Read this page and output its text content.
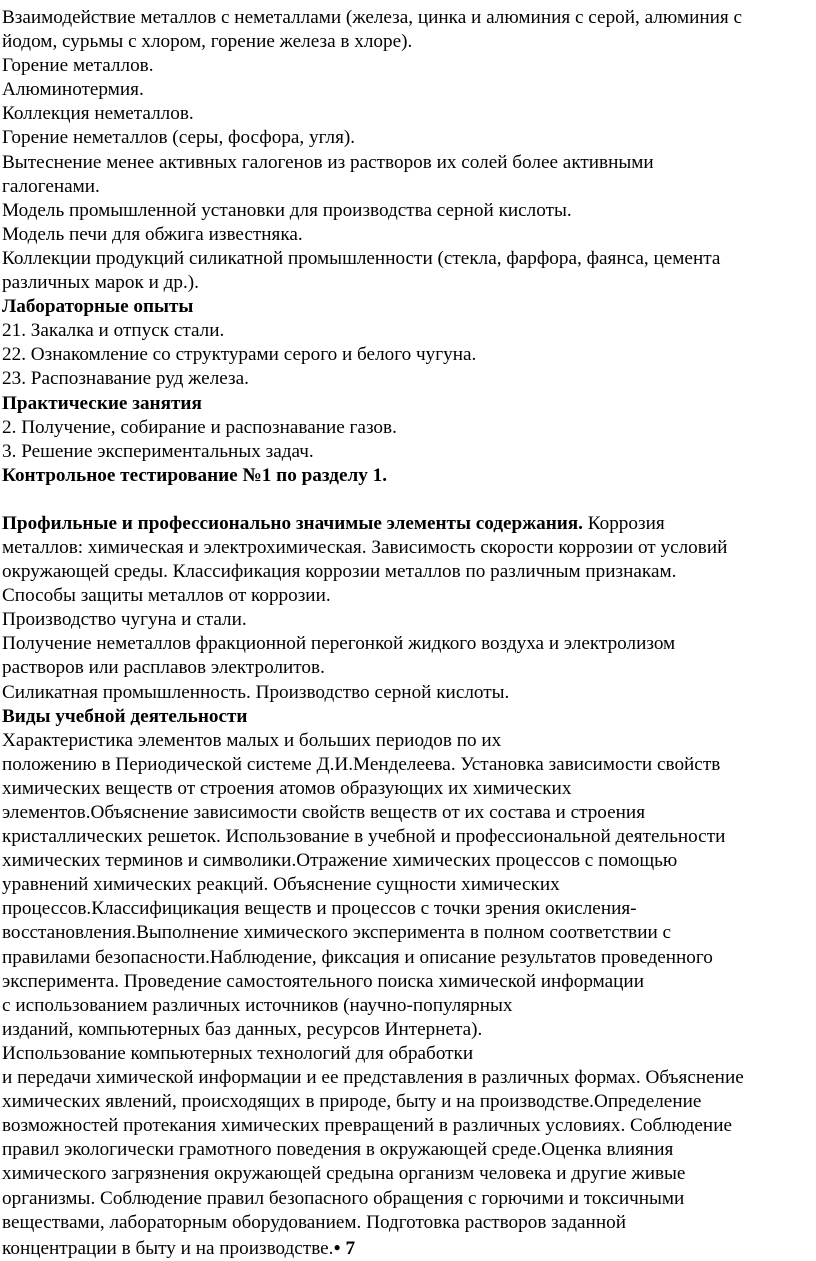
Взаимодействие металлов с неметаллами (железа, цинка и алюминия с серой, алюминия с
йодом, сурьмы с хлором, горение железа в хлоре).
Горение металлов.
Алюминотермия.
Коллекция неметаллов.
Горение неметаллов (серы, фосфора, угля).
Вытеснение менее активных галогенов из растворов их солей более активными
галогенами.
Модель промышленной установки для производства серной кислоты.
Модель печи для обжига известняка.
Коллекции продукций силикатной промышленности (стекла, фарфора, фаянса, цемента
различных марок и др.).
Лабораторные опыты
21. Закалка и отпуск стали.
22. Ознакомление со структурами серого и белого чугуна.
23. Распознавание руд железа.
Практические занятия
2. Получение, собирание и распознавание газов.
3. Решение экспериментальных задач.
Контрольное тестирование №1 по разделу 1.
Профильные и профессионально значимые элементы содержания. Коррозия
металлов: химическая и электрохимическая. Зависимость скорости коррозии от условий
окружающей среды. Классификация коррозии металлов по различным признакам.
Способы защиты металлов от коррозии.
Производство чугуна и стали.
Получение неметаллов фракционной перегонкой жидкого воздуха и электролизом
растворов или расплавов электролитов.
Силикатная промышленность. Производство серной кислоты.
Виды учебной деятельности
Характеристика элементов малых и больших периодов по их
положению в Периодической системе Д.И.Менделеева. Установка зависимости свойств
химических веществ от строения атомов образующих их химических
элементов.Объяснение зависимости свойств веществ от их состава и строения
кристаллических решеток. Использование в учебной и профессиональной деятельности
химических терминов и символики.Отражение химических процессов с помощью
уравнений химических реакций. Объяснение сущности химических
процессов.Классифицикация веществ и процессов с точки зрения окисления-
восстановления.Выполнение химического эксперимента в полном соответствии с
правилами безопасности.Наблюдение, фиксация и описание результатов проведенного
эксперимента. Проведение самостоятельного поиска химической информации
с использованием различных источников (научно-популярных
изданий, компьютерных баз данных, ресурсов Интернета).
Использование компьютерных технологий для обработки
и передачи химической информации и ее представления в различных формах. Объяснение
химических явлений, происходящих в природе, быту и на производстве.Определение
возможностей протекания химических превращений в различных условиях. Соблюдение
правил экологически грамотного поведения в окружающей среде.Оценка влияния
химического загрязнения окружающей средына организм человека и другие живые
организмы. Соблюдение правил безопасного обращения с горючими и токсичными
веществами, лабораторным оборудованием. Подготовка растворов заданной
концентрации в быту и на производстве.● 7
